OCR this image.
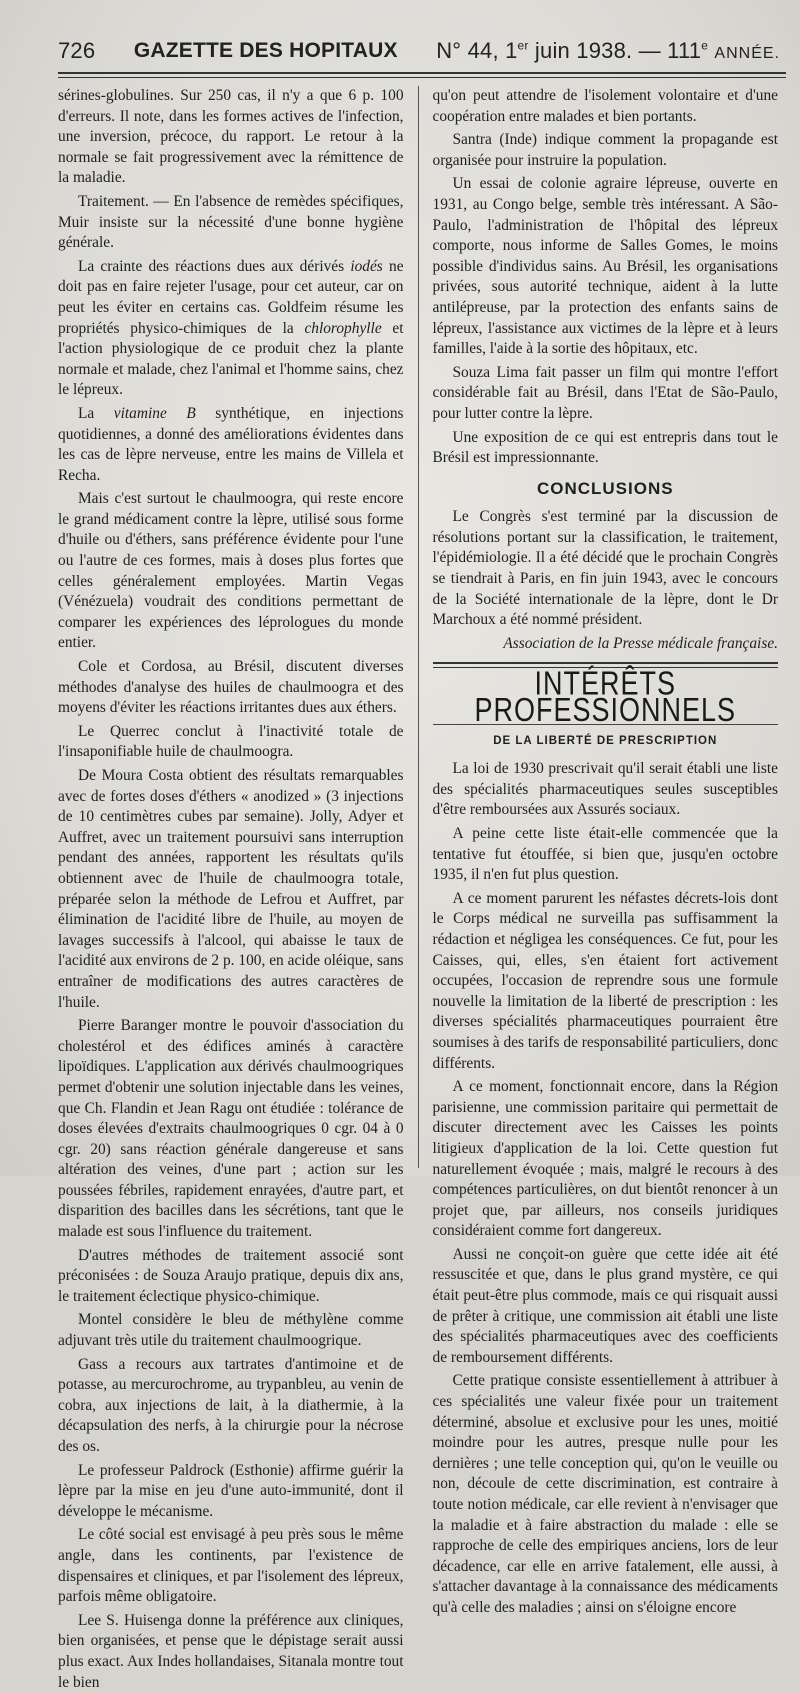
726 GAZETTE DES HOPITAUX N° 44, 1er juin 1938. — 111e ANNÉE.

sérines-globulines. Sur 250 cas, il n'y a que 6 p. 100 d'erreurs. Il note, dans les formes actives de l'infection, une inversion, précoce, du rapport. Le retour à la normale se fait progressivement avec la rémittence de la maladie.

Traitement. — En l'absence de remèdes spécifiques, Muir insiste sur la nécessité d'une bonne hygiène générale.

La crainte des réactions dues aux dérivés iodés ne doit pas en faire rejeter l'usage, pour cet auteur, car on peut les éviter en certains cas. Goldfeim résume les propriétés physico-chimiques de la chlorophylle et l'action physiologique de ce produit chez la plante normale et malade, chez l'animal et l'homme sains, chez le lépreux.

La vitamine B synthétique, en injections quotidiennes, a donné des améliorations évidentes dans les cas de lèpre nerveuse, entre les mains de Villela et Recha.

Mais c'est surtout le chaulmoogra, qui reste encore le grand médicament contre la lèpre, utilisé sous forme d'huile ou d'éthers, sans préférence évidente pour l'une ou l'autre de ces formes, mais à doses plus fortes que celles généralement employées. Martin Vegas (Vénézuela) voudrait des conditions permettant de comparer les expériences des léprologues du monde entier.

Cole et Cordosa, au Brésil, discutent diverses méthodes d'analyse des huiles de chaulmoogra et des moyens d'éviter les réactions irritantes dues aux éthers.

Le Querrec conclut à l'inactivité totale de l'insaponifiable huile de chaulmoogra.

De Moura Costa obtient des résultats remarquables avec de fortes doses d'éthers « anodized » (3 injections de 10 centimètres cubes par semaine). Jolly, Adyer et Auffret, avec un traitement poursuivi sans interruption pendant des années, rapportent les résultats qu'ils obtiennent avec de l'huile de chaulmoogra totale, préparée selon la méthode de Lefrou et Auffret, par élimination de l'acidité libre de l'huile, au moyen de lavages successifs à l'alcool, qui abaisse le taux de l'acidité aux environs de 2 p. 100, en acide oléique, sans entraîner de modifications des autres caractères de l'huile.

Pierre Baranger montre le pouvoir d'association du cholestérol et des édifices aminés à caractère lipoïdiques. L'application aux dérivés chaulmoogriques permet d'obtenir une solution injectable dans les veines, que Ch. Flandin et Jean Ragu ont étudiée : tolérance de doses élevées d'extraits chaulmoogriques 0 cgr. 04 à 0 cgr. 20) sans réaction générale dangereuse et sans altération des veines, d'une part ; action sur les poussées fébriles, rapidement enrayées, d'autre part, et disparition des bacilles dans les sécrétions, tant que le malade est sous l'influence du traitement.

D'autres méthodes de traitement associé sont préconisées : de Souza Araujo pratique, depuis dix ans, le traitement éclectique physico-chimique.

Montel considère le bleu de méthylène comme adjuvant très utile du traitement chaulmoogrique.

Gass a recours aux tartrates d'antimoine et de potasse, au mercurochrome, au trypanbleu, au venin de cobra, aux injections de lait, à la diathermie, à la décapsulation des nerfs, à la chirurgie pour la nécrose des os.

Le professeur Paldrock (Esthonie) affirme guérir la lèpre par la mise en jeu d'une auto-immunité, dont il développe le mécanisme.

Le côté social est envisagé à peu près sous le même angle, dans les continents, par l'existence de dispensaires et cliniques, et par l'isolement des lépreux, parfois même obligatoire.

Lee S. Huisenga donne la préférence aux cliniques, bien organisées, et pense que le dépistage serait aussi plus exact. Aux Indes hollandaises, Sitanala montre tout le bien

qu'on peut attendre de l'isolement volontaire et d'une coopération entre malades et bien portants.

Santra (Inde) indique comment la propagande est organisée pour instruire la population.

Un essai de colonie agraire lépreuse, ouverte en 1931, au Congo belge, semble très intéressant. A São-Paulo, l'administration de l'hôpital des lépreux comporte, nous informe de Salles Gomes, le moins possible d'individus sains. Au Brésil, les organisations privées, sous autorité technique, aident à la lutte antilépreuse, par la protection des enfants sains de lépreux, l'assistance aux victimes de la lèpre et à leurs familles, l'aide à la sortie des hôpitaux, etc.

Souza Lima fait passer un film qui montre l'effort considérable fait au Brésil, dans l'Etat de São-Paulo, pour lutter contre la lèpre.

Une exposition de ce qui est entrepris dans tout le Brésil est impressionnante.

CONCLUSIONS

Le Congrès s'est terminé par la discussion de résolutions portant sur la classification, le traitement, l'épidémiologie. Il a été décidé que le prochain Congrès se tiendrait à Paris, en fin juin 1943, avec le concours de la Société internationale de la lèpre, dont le Dr Marchoux a été nommé président.

Association de la Presse médicale française.
INTÉRÊTS PROFESSIONNELS
DE LA LIBERTÉ DE PRESCRIPTION

La loi de 1930 prescrivait qu'il serait établi une liste des spécialités pharmaceutiques seules susceptibles d'être remboursées aux Assurés sociaux.

A peine cette liste était-elle commencée que la tentative fut étouffée, si bien que, jusqu'en octobre 1935, il n'en fut plus question.

A ce moment parurent les néfastes décrets-lois dont le Corps médical ne surveilla pas suffisamment la rédaction et négligea les conséquences. Ce fut, pour les Caisses, qui, elles, s'en étaient fort activement occupées, l'occasion de reprendre sous une formule nouvelle la limitation de la liberté de prescription : les diverses spécialités pharmaceutiques pourraient être soumises à des tarifs de responsabilité particuliers, donc différents.

A ce moment, fonctionnait encore, dans la Région parisienne, une commission paritaire qui permettait de discuter directement avec les Caisses les points litigieux d'application de la loi. Cette question fut naturellement évoquée ; mais, malgré le recours à des compétences particulières, on dut bientôt renoncer à un projet que, par ailleurs, nos conseils juridiques considéraient comme fort dangereux.

Aussi ne conçoit-on guère que cette idée ait été ressuscitée et que, dans le plus grand mystère, ce qui était peut-être plus commode, mais ce qui risquait aussi de prêter à critique, une commission ait établi une liste des spécialités pharmaceutiques avec des coefficients de remboursement différents.

Cette pratique consiste essentiellement à attribuer à ces spécialités une valeur fixée pour un traitement déterminé, absolue et exclusive pour les unes, moitié moindre pour les autres, presque nulle pour les dernières ; une telle conception qui, qu'on le veuille ou non, découle de cette discrimination, est contraire à toute notion médicale, car elle revient à n'envisager que la maladie et à faire abstraction du malade : elle se rapproche de celle des empiriques anciens, lors de leur décadence, car elle en arrive fatalement, elle aussi, à s'attacher davantage à la connaissance des médicaments qu'à celle des maladies ; ainsi on s'éloigne encore
